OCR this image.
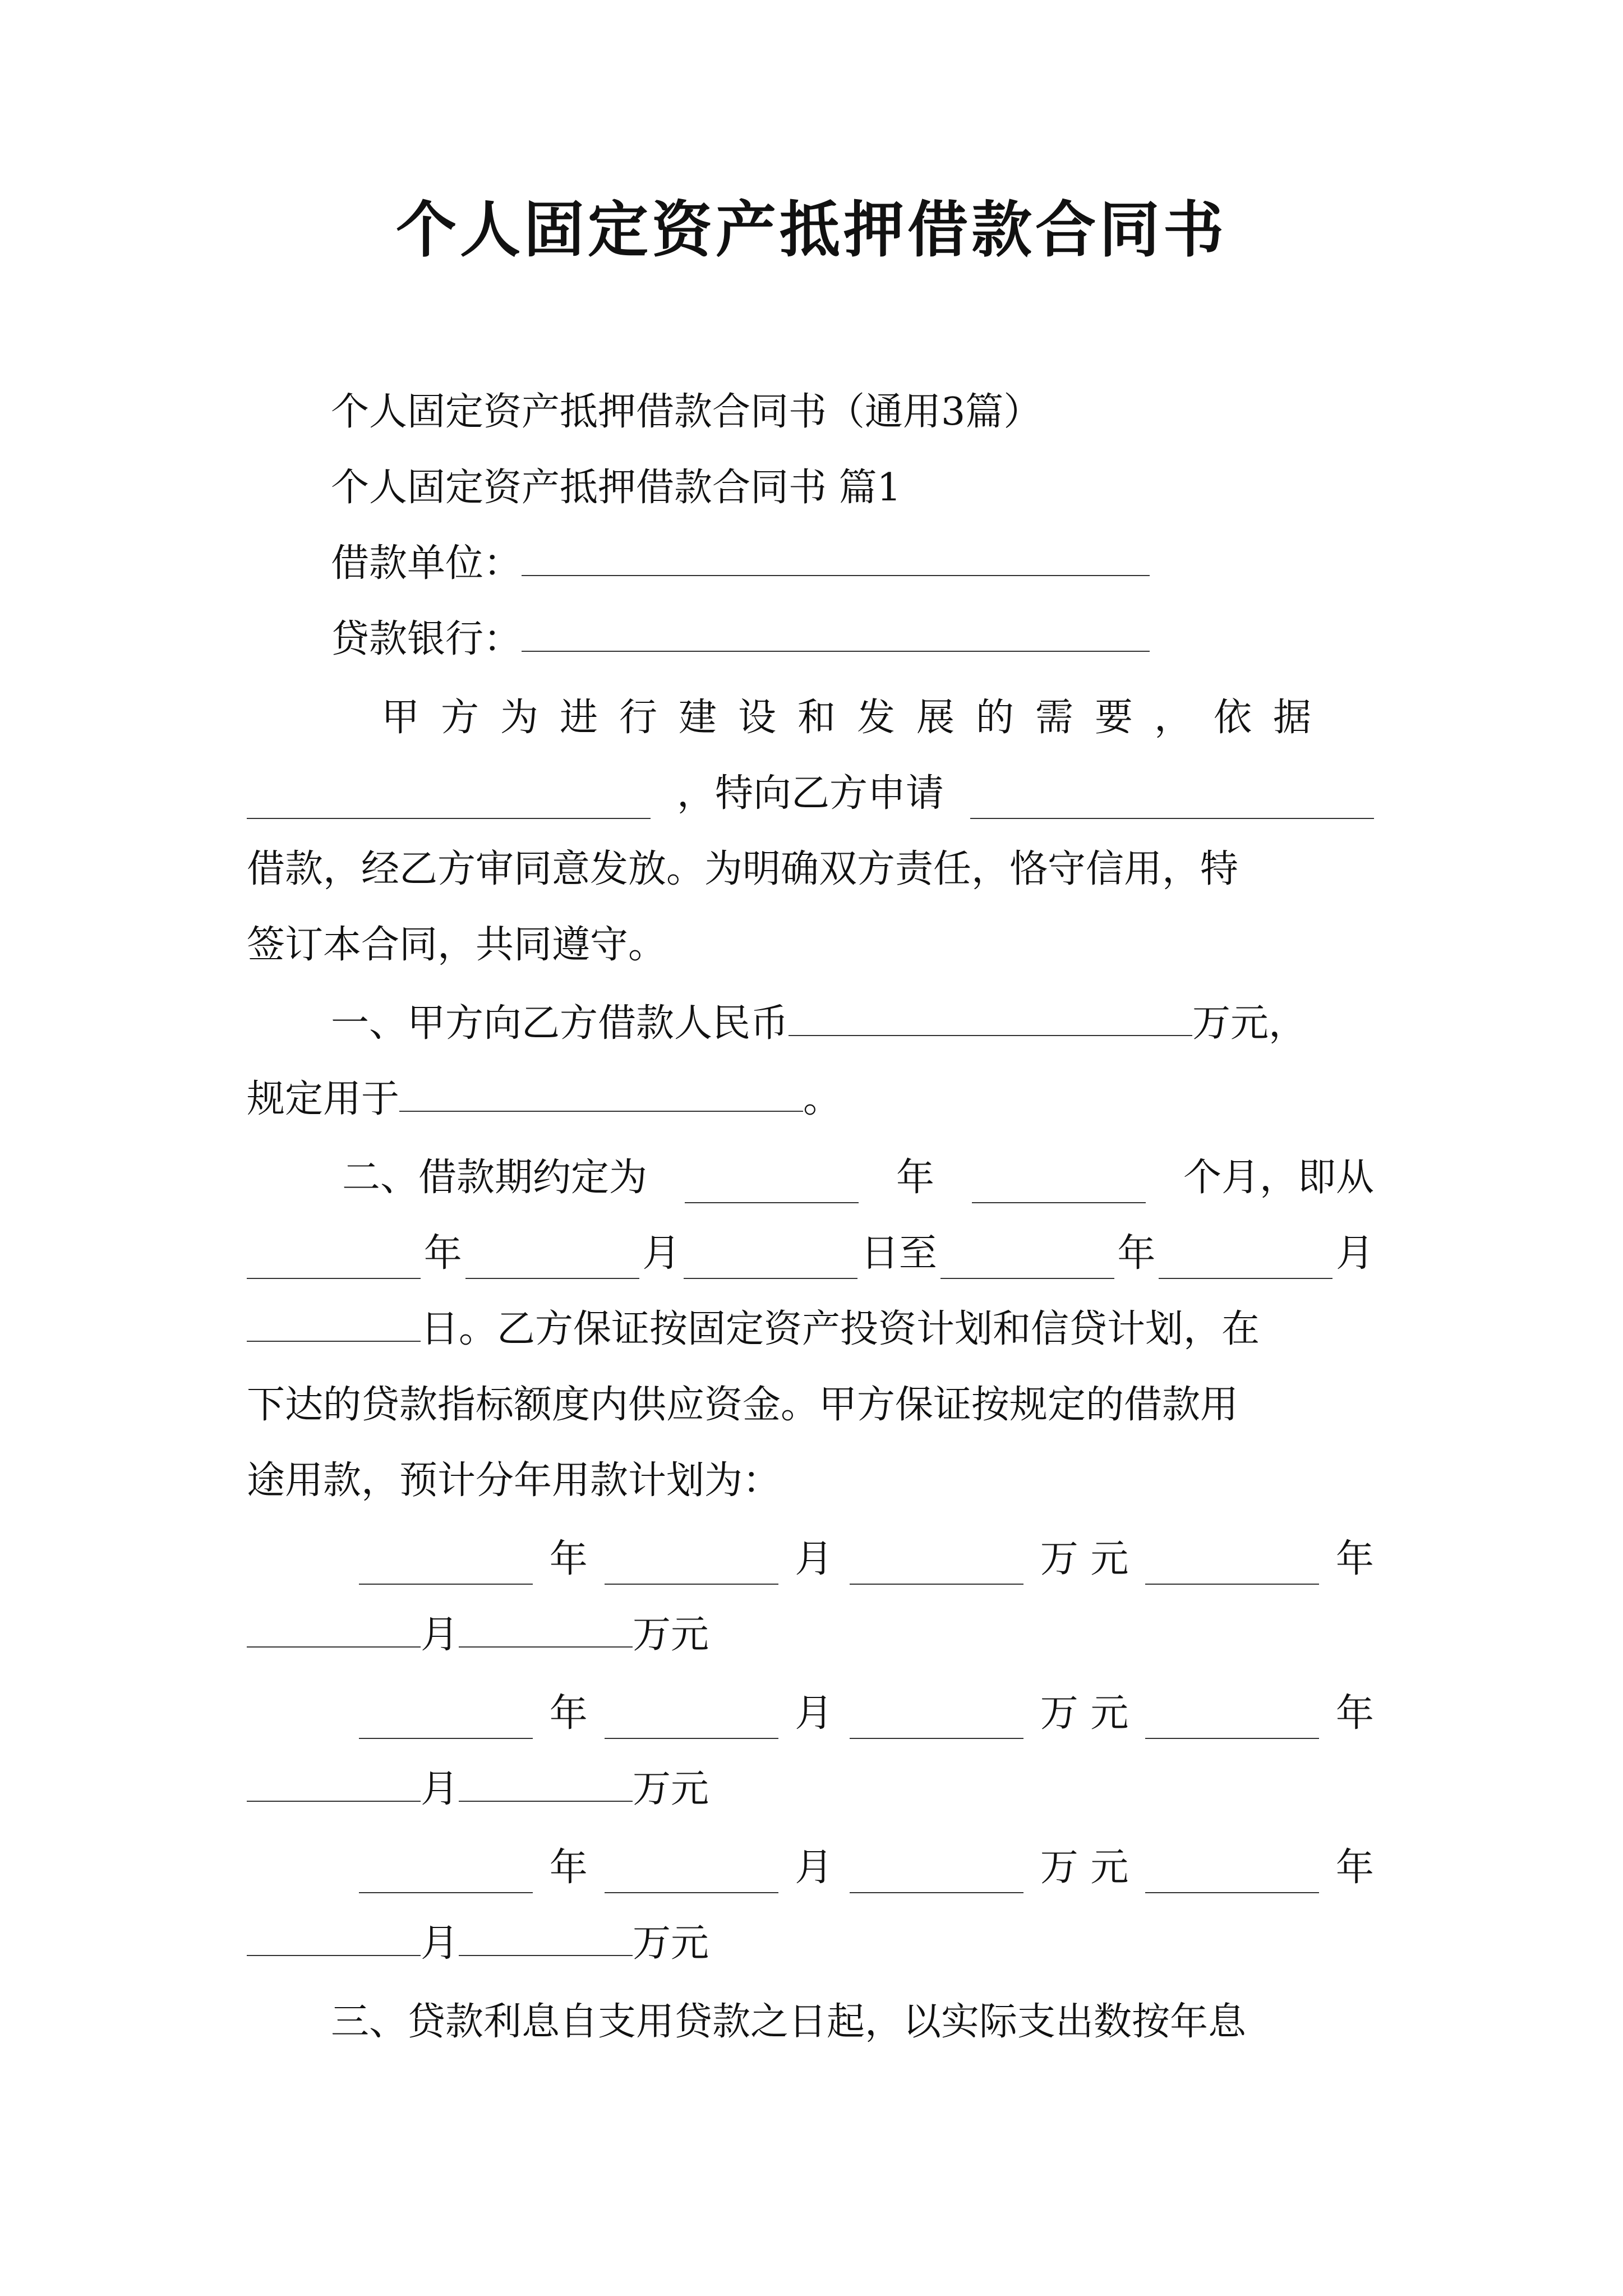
个人固定资产抵押借款合同书
个人固定资产抵押借款合同书（通用3篇）
个人固定资产抵押借款合同书 篇1
借款单位：
贷款银行：
甲方为进行建设和发展的需要，依据
，特向乙方申请
借款，经乙方审同意发放。为明确双方责任，恪守信用，特
签订本合同，共同遵守。
一、甲方向乙方借款人民币	万元，
规定用于	。
二、借款期约定为	年	个月，即从
年	月	日至	年	月
日。乙方保证按固定资产投资计划和信贷计划，在
下达的贷款指标额度内供应资金。甲方保证按规定的借款用
途用款，预计分年用款计划为：
年	月	万 元	年
月	万元
年	月	万 元	年
月	万元
年	月	万 元	年
月	万元
三、贷款利息自支用贷款之日起，以实际支出数按年息
